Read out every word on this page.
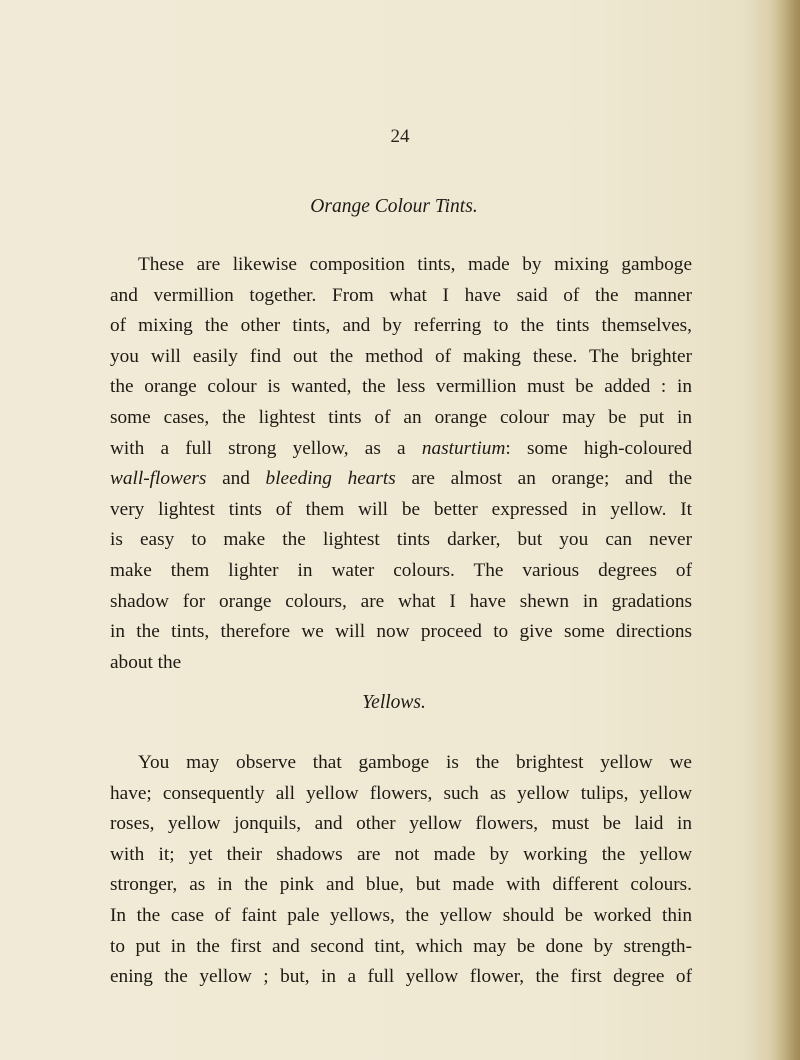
24
Orange Colour Tints.
These are likewise composition tints, made by mixing gamboge
and vermillion together. From what I have said of the manner
of mixing the other tints, and by referring to the tints themselves,
you will easily find out the method of making these. The brighter
the orange colour is wanted, the less vermillion must be added : in
some cases, the lightest tints of an orange colour may be put in
with a full strong yellow, as a nasturtium: some high-coloured
wall-flowers and bleeding hearts are almost an orange; and the
very lightest tints of them will be better expressed in yellow. It
is easy to make the lightest tints darker, but you can never
make them lighter in water colours. The various degrees of
shadow for orange colours, are what I have shewn in gradations
in the tints, therefore we will now proceed to give some directions
about the
Yellows.
You may observe that gamboge is the brightest yellow we
have; consequently all yellow flowers, such as yellow tulips, yellow
roses, yellow jonquils, and other yellow flowers, must be laid in
with it; yet their shadows are not made by working the yellow
stronger, as in the pink and blue, but made with different colours.
In the case of faint pale yellows, the yellow should be worked thin
to put in the first and second tint, which may be done by strength-
ening the yellow ; but, in a full yellow flower, the first degree of
